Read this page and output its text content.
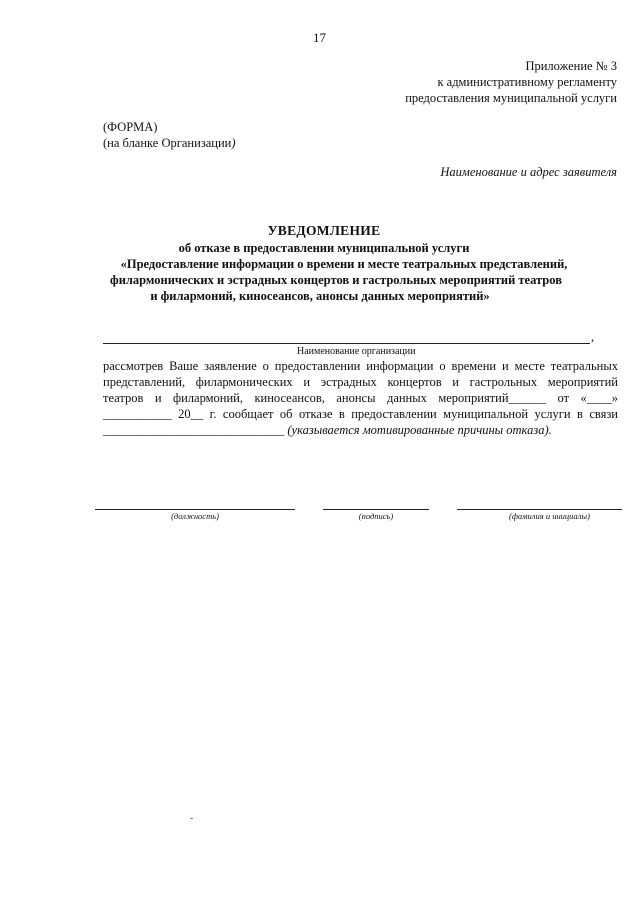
17
Приложение № 3
к административному регламенту
предоставления муниципальной услуги
(ФОРМА)
(на бланке Организации)
Наименование и адрес заявителя
УВЕДОМЛЕНИЕ
об отказе в предоставлении муниципальной услуги
«Предоставление информации о времени и месте театральных представлений,
филармонических и эстрадных концертов и гастрольных мероприятий театров
и филармоний, киносеансов, анонсы данных мероприятий»
,
Наименование организации
рассмотрев Ваше заявление о предоставлении информации о времени и месте театральных
представлений, филармонических и эстрадных концертов и гастрольных мероприятий
театров и филармоний, киносеансов, анонсы данных мероприятий______ от «____»
___________ 20__ г. сообщает об отказе в предоставлении муниципальной услуги в связи
_____________________________ (указывается мотивированные причины отказа).
(должность)	(подпись)	(фамилия и инициалы)
